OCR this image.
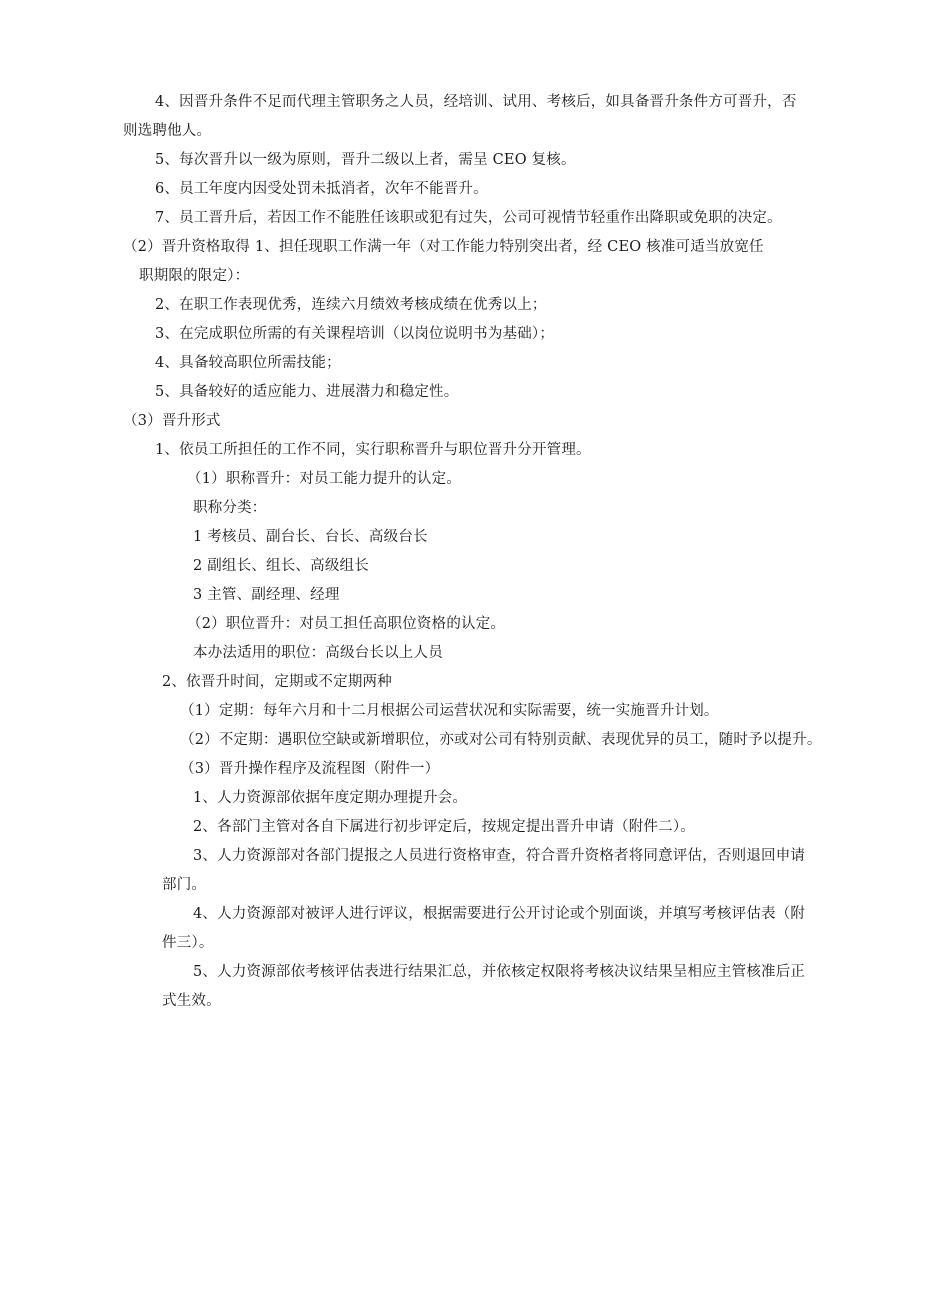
4、因晋升条件不足而代理主管职务之人员，经培训、试用、考核后，如具备晋升条件方可晋升，否
则选聘他人。
5、每次晋升以一级为原则，晋升二级以上者，需呈 CEO 复核。
6、员工年度内因受处罚未抵消者，次年不能晋升。
7、员工晋升后，若因工作不能胜任该职或犯有过失，公司可视情节轻重作出降职或免职的决定。
（2）晋升资格取得 1、担任现职工作满一年（对工作能力特别突出者，经 CEO 核准可适当放宽任
职期限的限定）：
2、在职工作表现优秀，连续六月绩效考核成绩在优秀以上；
3、在完成职位所需的有关课程培训（以岗位说明书为基础）；
4、具备较高职位所需技能；
5、具备较好的适应能力、进展潜力和稳定性。
（3）晋升形式
1、依员工所担任的工作不同，实行职称晋升与职位晋升分开管理。
（1）职称晋升：对员工能力提升的认定。
职称分类：
1 考核员、副台长、台长、高级台长
2 副组长、组长、高级组长
3 主管、副经理、经理
（2）职位晋升：对员工担任高职位资格的认定。
本办法适用的职位：高级台长以上人员
2、依晋升时间，定期或不定期两种
（1）定期：每年六月和十二月根据公司运营状况和实际需要，统一实施晋升计划。
（2）不定期：遇职位空缺或新增职位，亦或对公司有特别贡献、表现优异的员工，随时予以提升。
（3）晋升操作程序及流程图（附件一）
1、人力资源部依据年度定期办理提升会。
2、各部门主管对各自下属进行初步评定后，按规定提出晋升申请（附件二）。
3、人力资源部对各部门提报之人员进行资格审查，符合晋升资格者将同意评估，否则退回申请
部门。
4、人力资源部对被评人进行评议，根据需要进行公开讨论或个别面谈，并填写考核评估表（附
件三）。
5、人力资源部依考核评估表进行结果汇总，并依核定权限将考核决议结果呈相应主管核准后正
式生效。
